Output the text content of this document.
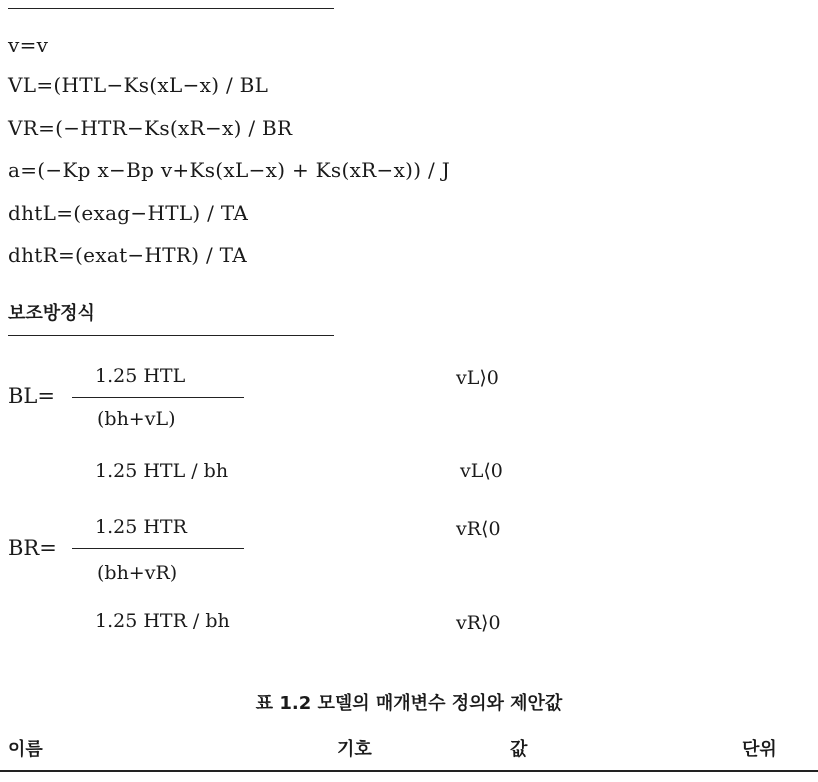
v=v
VL=(HTL−Ks(xL−x) / BL
VR=(−HTR−Ks(xR−x) / BR
a=(−Kp x−Bp v+Ks(xL−x) + Ks(xR−x)) / J
dhtL=(exag−HTL) / TA
dhtR=(exat−HTR) / TA
보조방정식
BL=
1.25 HTL
(bh+vL)
vL⟩0
1.25 HTL / bh	vL⟨0
BR=
1.25 HTR
(bh+vR)
vR⟨0
1.25 HTR / bh	vR⟩0
표 1.2 모델의 매개변수 정의와 제안값
이름	기호	값	단위
